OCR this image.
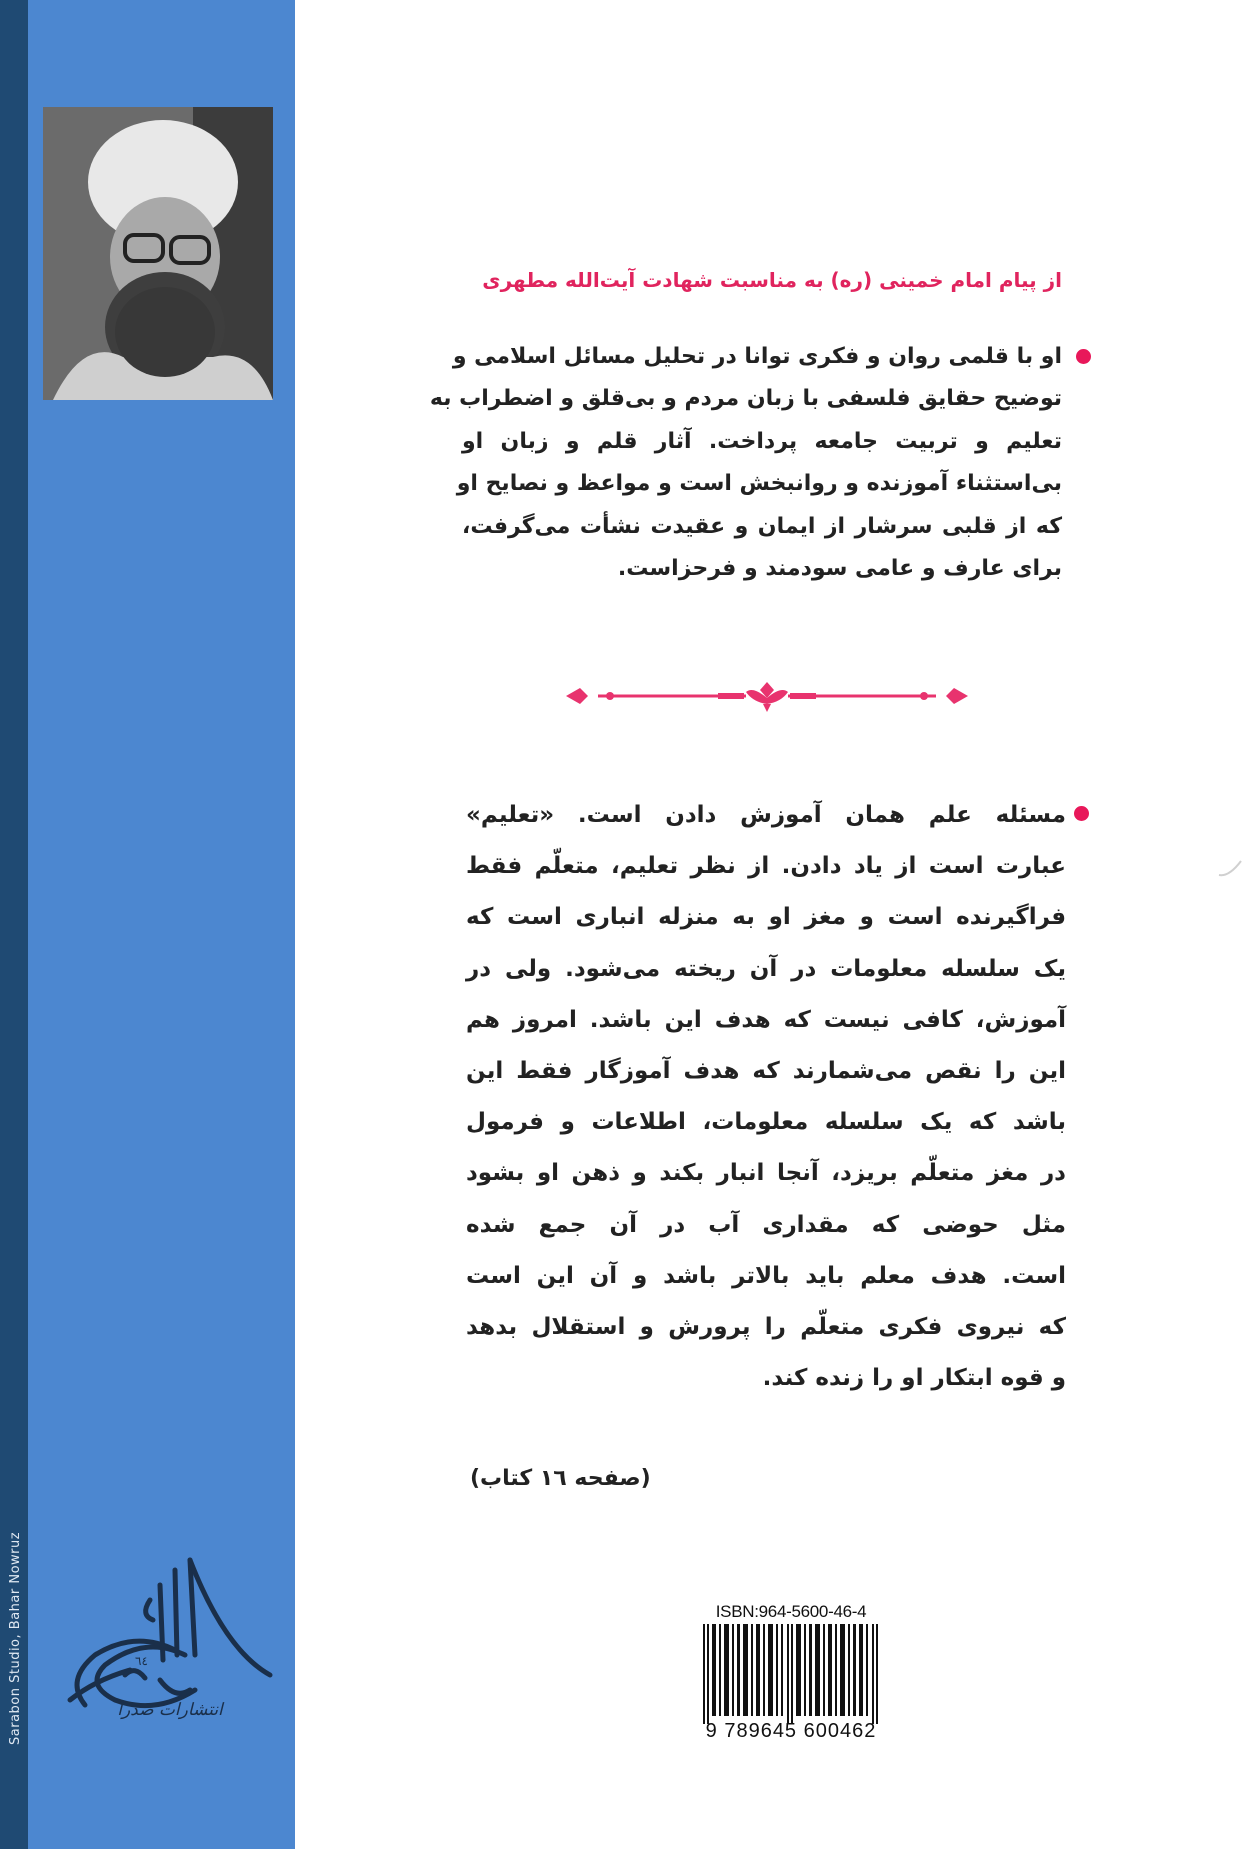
Sarabon Studio, Bahar Nowruz	٦٤
انتشارات صدرا
از پیام امام خمینی (ره) به مناسبت شهادت آیت‌الله مطهری
او با قلمی روان و فکری توانا در تحلیل مسائل اسلامی و
توضیح حقایق فلسفی با زبان مردم و بی‌قلق و اضطراب به
تعلیم و تربیت جامعه پرداخت. آثار قلم و زبان او
بی‌استثناء آموزنده و روانبخش است و مواعظ و نصایح او
که از قلبی سرشار از ایمان و عقیدت نشأت می‌گرفت،
برای عارف و عامی سودمند و فرحزاست.
مسئله علم همان آموزش دادن است. «تعلیم»
عبارت است از یاد دادن. از نظر تعلیم، متعلّم فقط
فراگیرنده است و مغز او به منزله انباری است که
یک سلسله معلومات در آن ریخته می‌شود. ولی در
آموزش، کافی نیست که هدف این باشد. امروز هم
این را نقص می‌شمارند که هدف آموزگار فقط این
باشد که یک سلسله معلومات، اطلاعات و فرمول
در مغز متعلّم بریزد، آنجا انبار بکند و ذهن او بشود
مثل حوضی که مقداری آب در آن جمع شده
است. هدف معلم باید بالاتر باشد و آن این است
که نیروی فکری متعلّم را پرورش و استقلال بدهد
و قوه ابتکار او را زنده کند.
(صفحه ١٦ کتاب)
ISBN:964-5600-46-4
9 789645 600462
